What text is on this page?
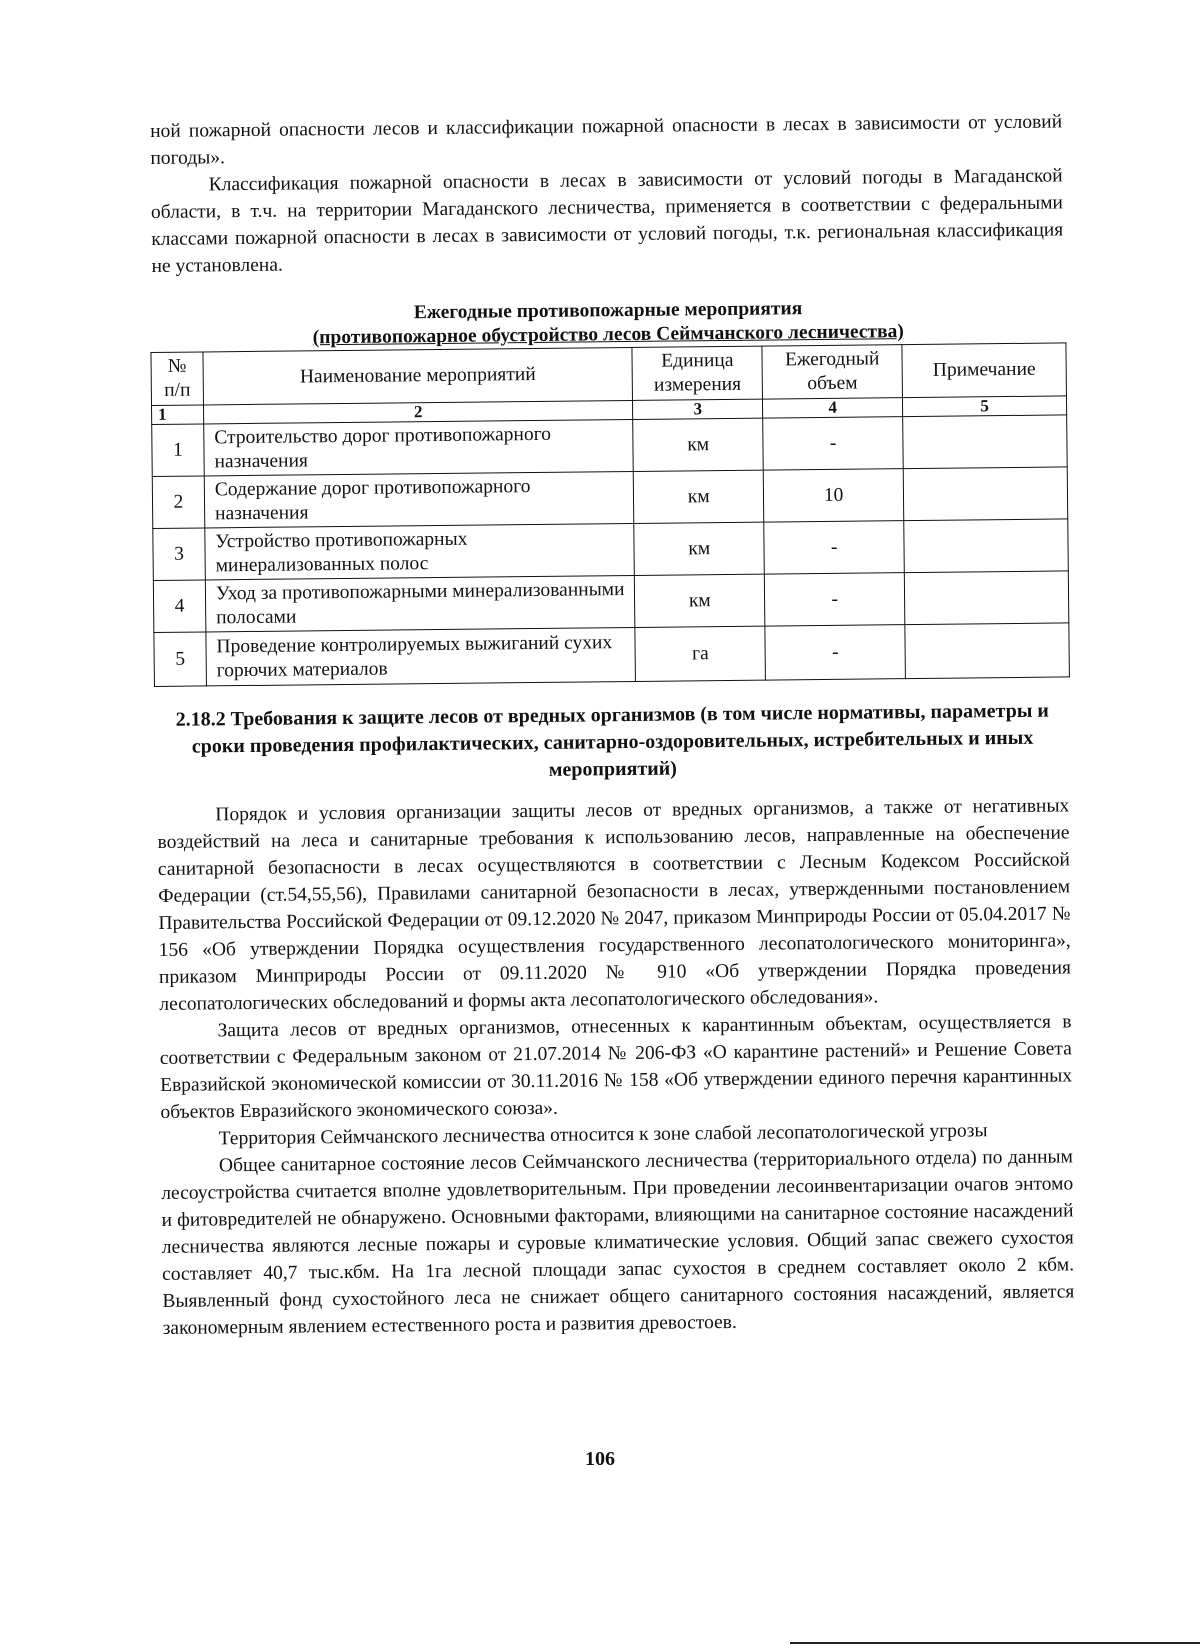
ной пожарной опасности лесов и классификации пожарной опасности в лесах в зависимости от условий погоды».

Классификация пожарной опасности в лесах в зависимости от условий погоды в Магаданской области, в т.ч. на территории Магаданского лесничества, применяется в соответствии с федеральными классами пожарной опасности в лесах в зависимости от условий погоды, т.к. региональная классификация не установлена.

Ежегодные противопожарные мероприятия
(противопожарное обустройство лесов Сеймчанского лесничества)
№ п/п	Наименование мероприятий	Единица измерения	Ежегодный объем	Примечание
1	2	3	4	5
1	Строительство дорог противопожарного назначения	км	-	
2	Содержание дорог противопожарного назначения	км	10	
3	Устройство противопожарных минерализованных полос	км	-	
4	Уход за противопожарными минерализованными полосами	км	-	
5	Проведение контролируемых выжиганий сухих горючих материалов	га	-	
2.18.2 Требования к защите лесов от вредных организмов (в том числе нормативы, параметры и сроки проведения профилактических, санитарно-оздоровительных, истребительных и иных мероприятий)

Порядок и условия организации защиты лесов от вредных организмов, а также от негативных воздействий на леса и санитарные требования к использованию лесов, направленные на обеспечение санитарной безопасности в лесах осуществляются в соответствии с Лесным Кодексом Российской Федерации (ст.54,55,56), Правилами санитарной безопасности в лесах, утвержденными постановлением Правительства Российской Федерации от 09.12.2020 № 2047, приказом Минприроды России от 05.04.2017 № 156 «Об утверждении Порядка осуществления государственного лесопатологического мониторинга», приказом Минприроды России от 09.11.2020 № 910 «Об утверждении Порядка проведения лесопатологических обследований и формы акта лесопатологического обследования».

Защита лесов от вредных организмов, отнесенных к карантинным объектам, осуществляется в соответствии с Федеральным законом от 21.07.2014 № 206-ФЗ «О карантине растений» и Решение Совета Евразийской экономической комиссии от 30.11.2016 № 158 «Об утверждении единого перечня карантинных объектов Евразийского экономического союза».

Территория Сеймчанского лесничества относится к зоне слабой лесопатологической угрозы

Общее санитарное состояние лесов Сеймчанского лесничества (территориального отдела) по данным лесоустройства считается вполне удовлетворительным. При проведении лесоинвентаризации очагов энтомо и фитовредителей не обнаружено. Основными факторами, влияющими на санитарное состояние насаждений лесничества являются лесные пожары и суровые климатические условия. Общий запас свежего сухостоя составляет 40,7 тыс.кбм. На 1га лесной площади запас сухостоя в среднем составляет около 2 кбм. Выявленный фонд сухостойного леса не снижает общего санитарного состояния насаждений, является закономерным явлением естественного роста и развития древостоев.

106
